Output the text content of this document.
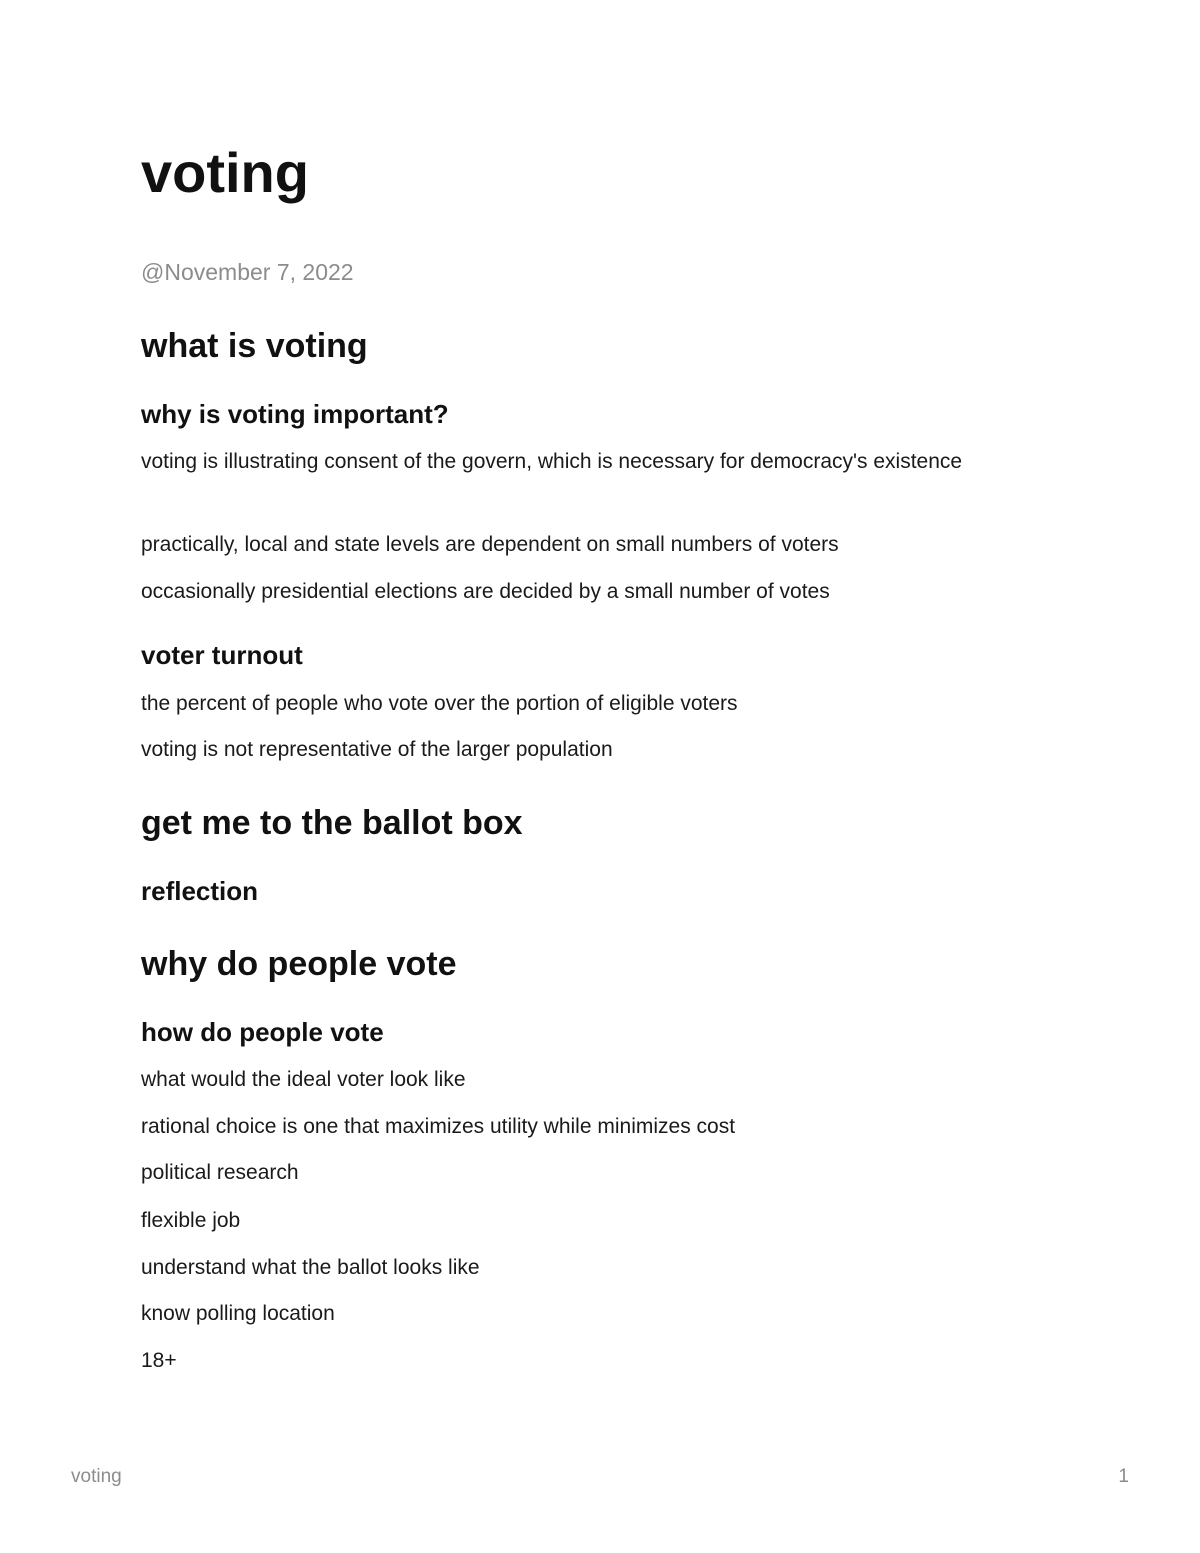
voting
@November 7, 2022
what is voting
why is voting important?

voting is illustrating consent of the govern, which is necessary for democracy's existence

practically, local and state levels are dependent on small numbers of voters

occasionally presidential elections are decided by a small number of votes

voter turnout

the percent of people who vote over the portion of eligible voters

voting is not representative of the larger population

get me to the ballot box
reflection
why do people vote
how do people vote

what would the ideal voter look like

rational choice is one that maximizes utility while minimizes cost

political research

flexible job

understand what the ballot looks like

know polling location

18+

voting	1
